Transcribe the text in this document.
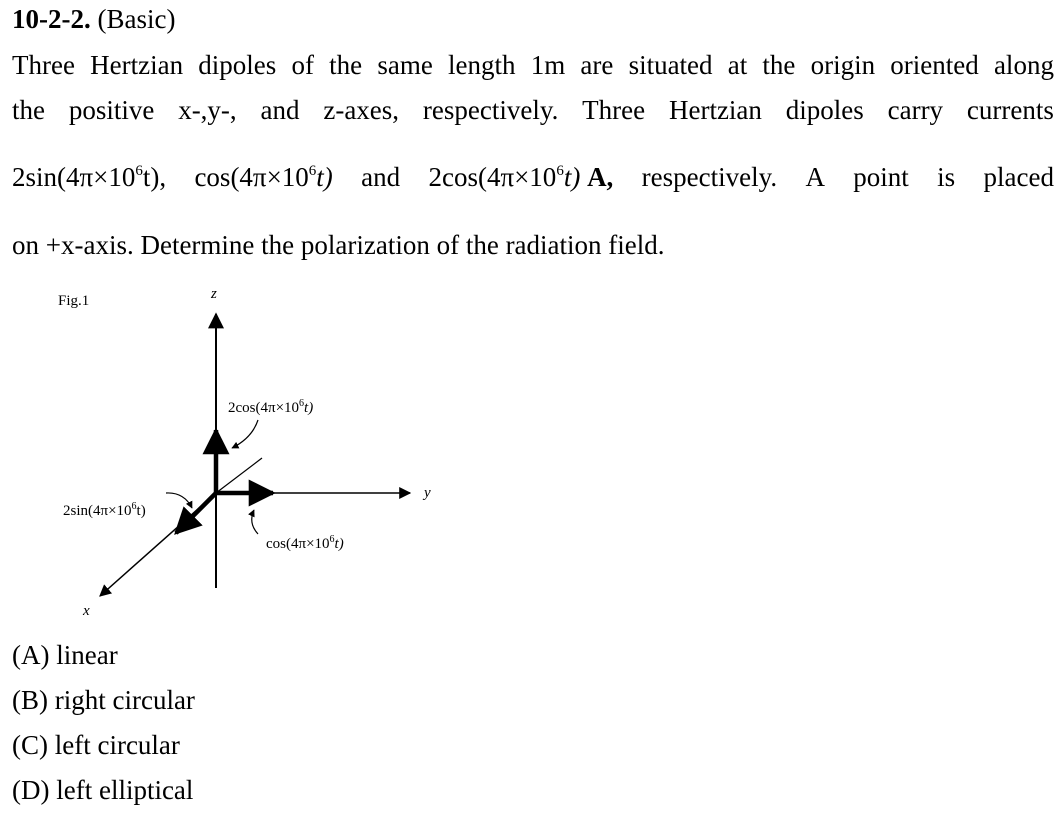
10-2-2. (Basic)
Three Hertzian dipoles of the same length 1m are situated at the origin oriented along
the positive x-,y-, and z-axes, respectively. Three Hertzian dipoles carry currents
$2\sin(4\pi\times 10^6t)$, $\cos(4\pi\times 10^6t)$ and $2\cos(4\pi\times 10^6t)$ A, respectively. A point is placed
on +x-axis. Determine the polarization of the radiation field.
Fig.1	z
y
x
$2\cos(4\pi\times 10^6t)$
$2\sin(4\pi\times 10^6t)$
$\cos(4\pi\times 10^6t)$
(A) linear
(B) right circular
(C) left circular
(D) left elliptical
